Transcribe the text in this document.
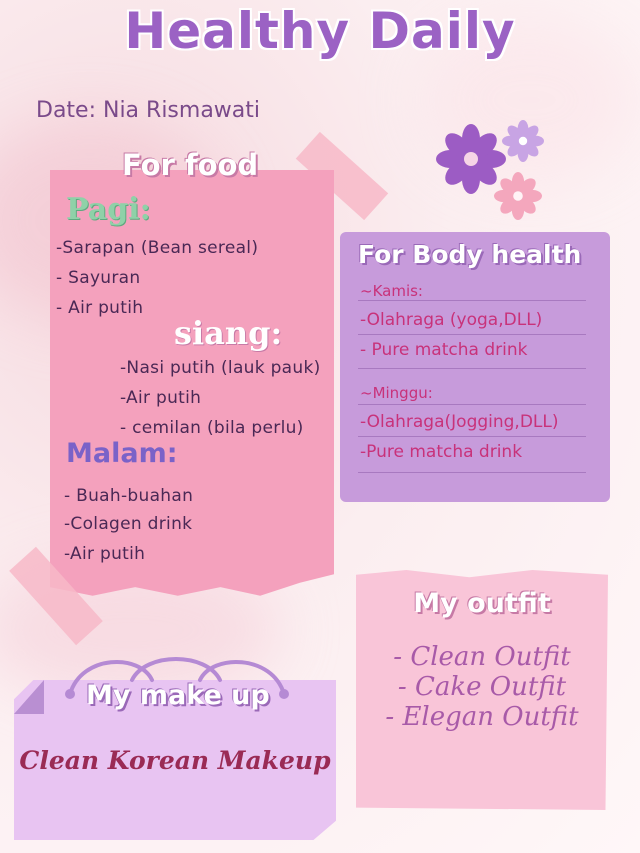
Healthy Daily
Date: Nia Rismawati
For food
Pagi:
-Sarapan (Bean sereal)
- Sayuran
- Air putih
siang:
-Nasi putih (lauk pauk)
-Air putih
- cemilan (bila perlu)
Malam:
- Buah-buahan
-Colagen drink
-Air putih
For Body health
~Kamis:
-Olahraga (yoga,DLL)
- Pure matcha drink
~Minggu:
-Olahraga(Jogging,DLL)
-Pure matcha drink
My outfit
- Clean Outfit
- Cake Outfit
- Elegan Outfit
My make up
Clean Korean Makeup
